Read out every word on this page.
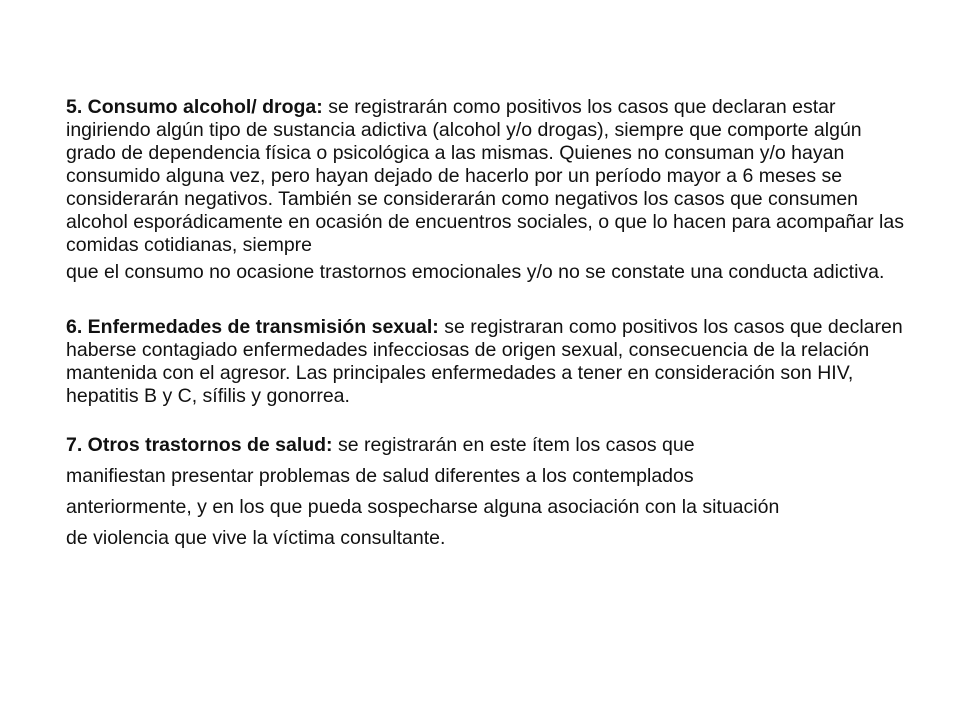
5. Consumo alcohol/ droga: se registrarán como positivos los casos que declaran estar ingiriendo algún tipo de sustancia adictiva (alcohol y/o drogas), siempre que comporte algún grado de dependencia física o psicológica a las mismas. Quienes no consuman y/o hayan consumido alguna vez, pero hayan dejado de hacerlo por un período mayor a 6 meses se considerarán negativos. También se considerarán como negativos los casos que consumen alcohol esporádicamente en ocasión de encuentros sociales, o que lo hacen para acompañar las comidas cotidianas, siempre
que el consumo no ocasione trastornos emocionales y/o no se constate una conducta adictiva.

6. Enfermedades de transmisión sexual: se registraran como positivos los casos que declaren haberse contagiado enfermedades infecciosas de origen sexual, consecuencia de la relación mantenida con el agresor. Las principales enfermedades a tener en consideración son HIV, hepatitis B y C, sífilis y gonorrea.

7. Otros trastornos de salud: se registrarán en este ítem los casos que manifiestan presentar problemas de salud diferentes a los contemplados anteriormente, y en los que pueda sospecharse alguna asociación con la situación de violencia que vive la víctima consultante.
